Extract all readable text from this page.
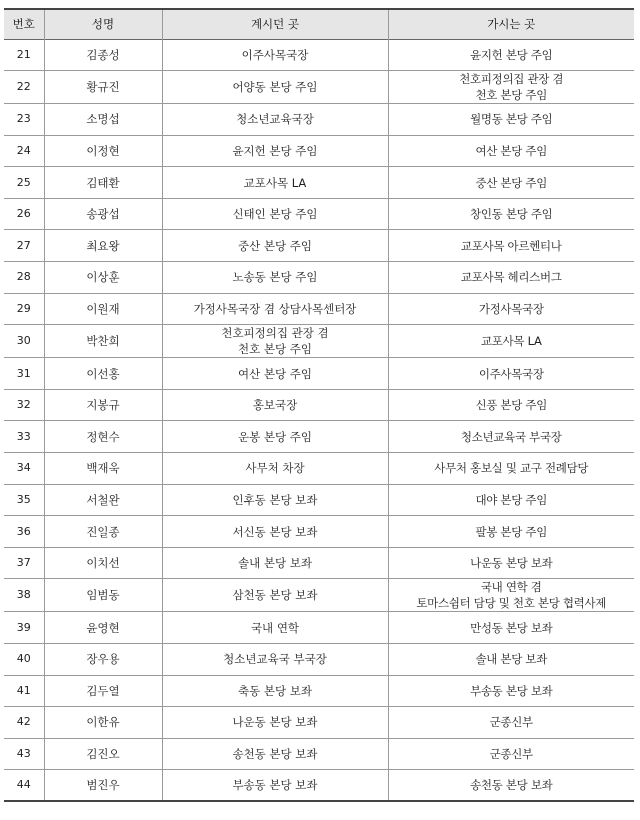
번호	성명	계시던 곳	가시는 곳
21	김종성	이주사목국장	윤지헌 본당 주임
22	황규진	어양동 본당 주임	천호피정의집 관장 겸
천호 본당 주임
23	소명섭	청소년교육국장	월명동 본당 주임
24	이정현	윤지헌 본당 주임	여산 본당 주임
25	김태환	교포사목 LA	중산 본당 주임
26	송광섭	신태인 본당 주임	창인동 본당 주임
27	최요왕	중산 본당 주임	교포사목 아르헨티나
28	이상훈	노송동 본당 주임	교포사목 헤리스버그
29	이원재	가정사목국장 겸 상담사목센터장	가정사목국장
30	박찬희	천호피정의집 관장 겸
천호 본당 주임	교포사목 LA
31	이선홍	여산 본당 주임	이주사목국장
32	지봉규	홍보국장	신풍 본당 주임
33	정현수	운봉 본당 주임	청소년교육국 부국장
34	백재욱	사무처 차장	사무처 홍보실 및 교구 전례담당
35	서철완	인후동 본당 보좌	대야 본당 주임
36	진일종	서신동 본당 보좌	팔봉 본당 주임
37	이치선	솔내 본당 보좌	나운동 본당 보좌
38	임범동	삼천동 본당 보좌	국내 연학 겸
토마스쉼터 담당 및 천호 본당 협력사제
39	윤영현	국내 연학	만성동 본당 보좌
40	장우용	청소년교육국 부국장	솔내 본당 보좌
41	김두열	축동 본당 보좌	부송동 본당 보좌
42	이한유	나운동 본당 보좌	군종신부
43	김진오	송천동 본당 보좌	군종신부
44	범진우	부송동 본당 보좌	송천동 본당 보좌
